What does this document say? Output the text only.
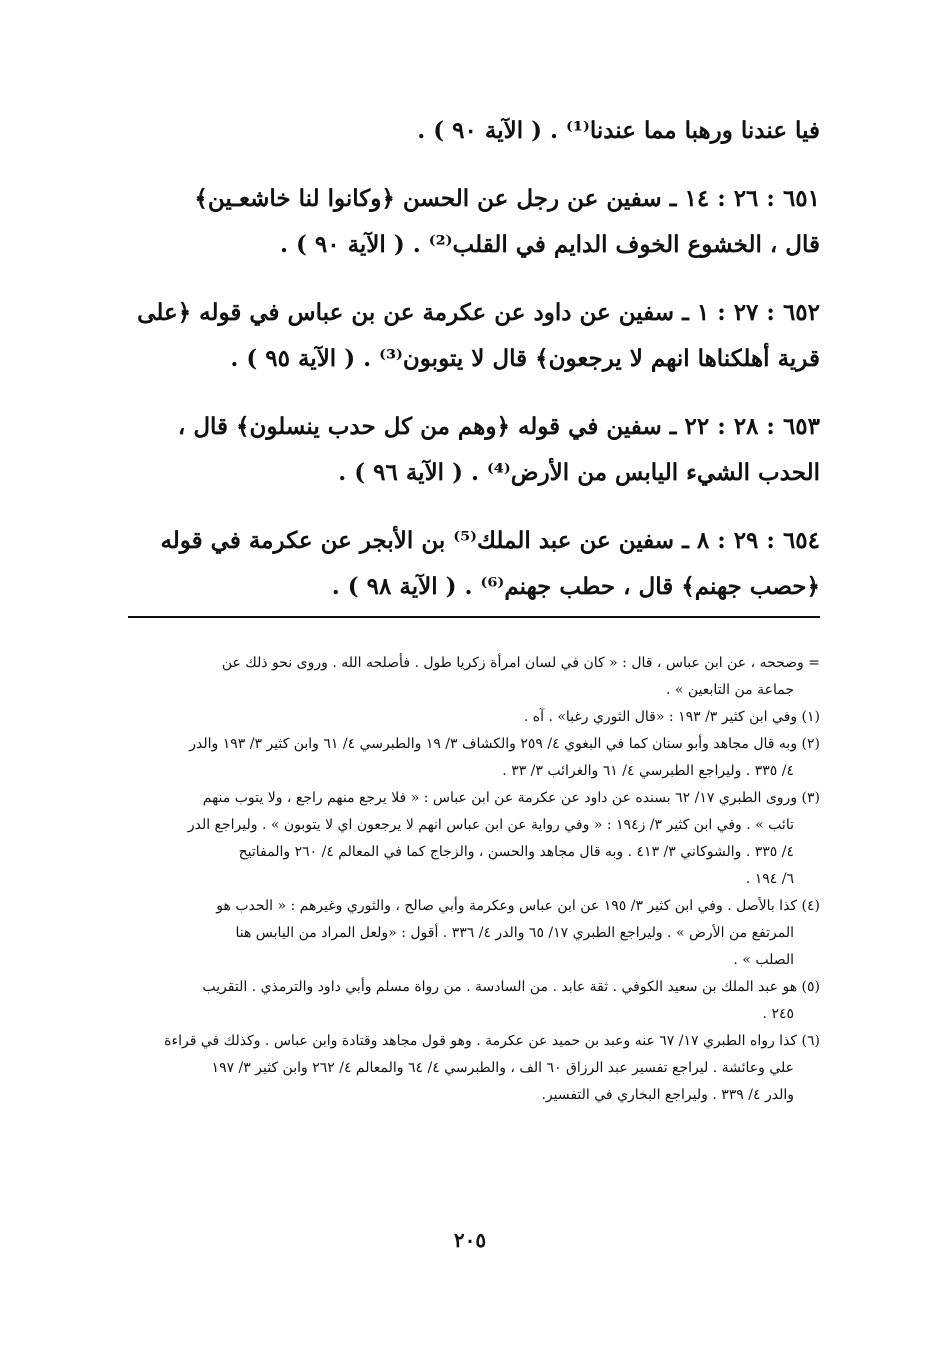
فيا عندنا ورهبا مما عندنا⁽¹⁾ . ( الآية ٩٠ ) .
٦٥١ : ٢٦ : ١٤ ـ سفين عن رجل عن الحسن ﴿وكانوا لنا خاشعـين﴾
قال ، الخشوع الخوف الدايم في القلب⁽²⁾ . ( الآية ٩٠ ) .
٦٥٢ : ٢٧ : ١ ـ سفين عن داود عن عكرمة عن بن عباس في قوله ﴿على
قرية أهلكناها انهم لا يرجعون﴾ قال لا يتوبون⁽³⁾ . ( الآية ٩٥ ) .
٦٥٣ : ٢٨ : ٢٢ ـ سفين في قوله ﴿وهم من كل حدب ينسلون﴾ قال ،
الحدب الشيء اليابس من الأرض⁽⁴⁾ . ( الآية ٩٦ ) .
٦٥٤ : ٢٩ : ٨ ـ سفين عن عبد الملك⁽⁵⁾ بن الأبجر عن عكرمة في قوله
﴿حصب جهنم﴾ قال ، حطب جهنم⁽⁶⁾ . ( الآية ٩٨ ) .
= وصححه ، عن ابن عباس ، قال : « كان في لسان امرأة زكريا طول . فأصلحه الله . وروى نحو ذلك عن
جماعة من التابعين » .
(١) وفي ابن كثير ٣/ ١٩٣ : «قال الثوري رغبا» . آه .
(٢) وبه قال مجاهد وأبو سنان كما في البغوي ٤/ ٢٥٩ والكشاف ٣/ ١٩ والطبرسي ٤/ ٦١ وابن كثير ٣/ ١٩٣ والدر
٤/ ٣٣٥ . وليراجع الطبرسي ٤/ ٦١ والغرائب ٣/ ٣٣ .
(٣) وروى الطبري ١٧/ ٦٢ بسنده عن داود عن عكرمة عن ابن عباس : « فلا يرجع منهم راجع ، ولا يتوب منهم
تائب » . وفي ابن كثير ٣/ ز١٩٤ : « وفي رواية عن ابن عباس انهم لا يرجعون اي لا يتوبون » . وليراجع الدر
٤/ ٣٣٥ . والشوكاني ٣/ ٤١٣ . وبه قال مجاهد والحسن ، والزجاج كما في المعالم ٤/ ٢٦٠ والمفاتيح
٦/ ١٩٤ .
(٤) كذا بالأصل . وفي ابن كثير ٣/ ١٩٥ عن ابن عباس وعكرمة وأبي صالح ، والثوري وغيرهم : « الحدب هو
المرتفع من الأرض » . وليراجع الطبري ١٧/ ٦٥ والدر ٤/ ٣٣٦ . أقول : «ولعل المراد من اليابس هنا
الصلب » .
(٥) هو عبد الملك بن سعيد الكوفي . ثقة عابد . من السادسة . من رواة مسلم وأبي داود والترمذي . التقريب
٢٤٥ .
(٦) كذا رواه الطبري ١٧/ ٦٧ عنه وعبد بن حميد عن عكرمة . وهو قول مجاهد وقتادة وابن عباس . وكذلك في قراءة
علي وعائشة . ليراجع تفسير عبد الرزاق ٦٠ الف ، والطبرسي ٤/ ٦٤ والمعالم ٤/ ٢٦٢ وابن كثير ٣/ ١٩٧
والدر ٤/ ٣٣٩ . وليراجع البخاري في التفسير.
٢٠٥
